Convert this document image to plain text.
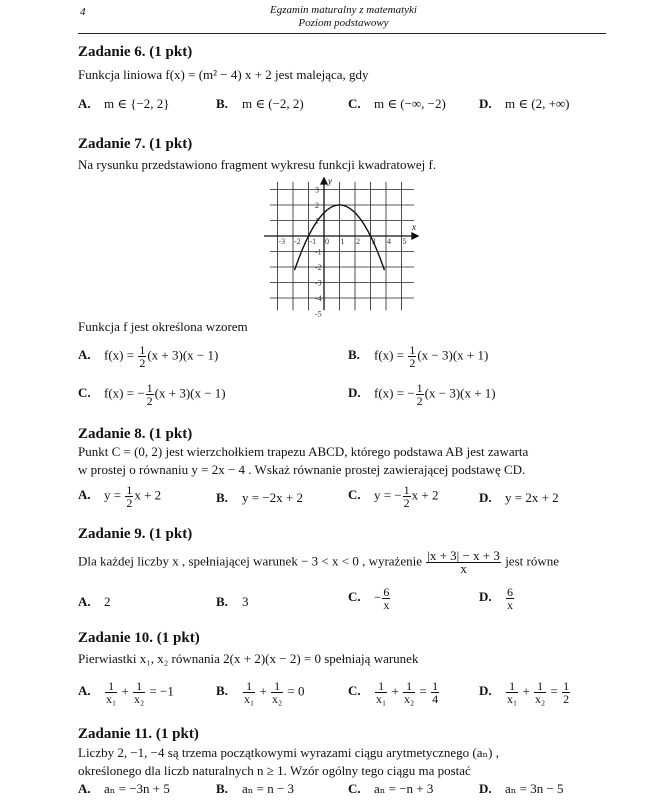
4	Egzamin maturalny z matematyki
Poziom podstawowy
Zadanie 6. (1 pkt)
Funkcja liniowa f(x) = (m² − 4) x + 2 jest malejąca, gdy
A. m ∈ {−2, 2}	B. m ∈ (−2, 2)	C. m ∈ (−∞, −2)	D. m ∈ (2, +∞)
Zadanie 7. (1 pkt)
Na rysunku przedstawiono fragment wykresu funkcji kwadratowej f.
-3 -2 -1 0 1 2 3 4 5
3
2
1
-1
-2
-3
-4
-5
x
y
Funkcja f jest określona wzorem
A. $f(x) = \frac{1}{2} (x + 3)(x - 1)$	B. $f(x) = \frac{1}{2} (x - 3)(x + 1)$
C. f(x) = − $\frac{1}{2} (x + 3)(x - 1)$	D. f(x) = − $\frac{1}{2} (x - 3)(x + 1)$
Zadanie 8. (1 pkt)
Punkt C = (0, 2) jest wierzchołkiem trapezu ABCD, którego podstawa AB jest zawarta
w prostej o równaniu y = 2x − 4 . Wskaż równanie prostej zawierającej podstawę CD.
A. $y = \frac{1}{2}$ x + 2	B. y = −2x + 2	C. y = − $\frac{1}{2}$ x + 2	D. y = 2x + 2
Zadanie 9. (1 pkt)
Dla każdej liczby x , spełniającej warunek − 3 < x < 0 , wyrażenie $\frac{|x + 3| - x + 3}{x}$ jest równe
A. 2	B. 3	C. − $\frac{6}{x}$	D. $\frac{6}{x}$
Zadanie 10. (1 pkt)
Pierwiastki x₁, x₂ równania 2(x + 2)(x − 2) = 0 spełniają warunek
A. $\frac{1}{\text{x₁}} + \frac{1}{\text{x₂}} = -1$	B. $\frac{1}{\text{x₁}} + \frac{1}{\text{x₂}} = 0$	C. $\frac{1}{\text{x₁}} + \frac{1}{\text{x₂}} = \frac{1}{4}$	D. $\frac{1}{\text{x₁}} + \frac{1}{\text{x₂}} = \frac{1}{2}$
Zadanie 11. (1 pkt)
Liczby 2, −1, −4 są trzema początkowymi wyrazami ciągu arytmetycznego (aₙ) ,
określonego dla liczb naturalnych n ≥ 1. Wzór ogólny tego ciągu ma postać
A. aₙ = −3n + 5	B. aₙ = n − 3	C. aₙ = −n + 3	D. aₙ = 3n − 5
